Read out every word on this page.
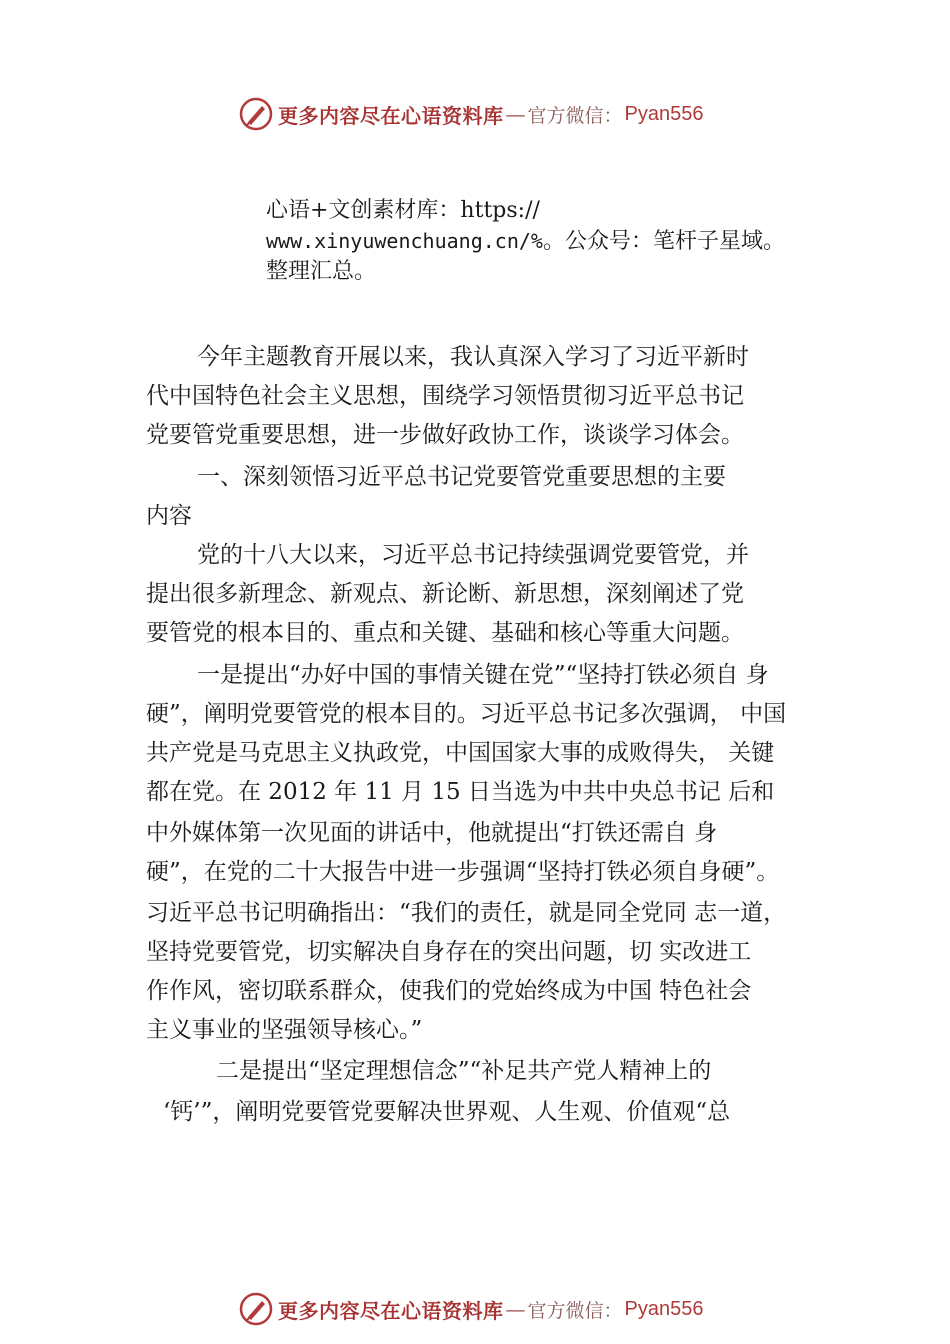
更多内容尽在心语资料库 — 官方微信： Pyan556
心语+文创素材库：https://
www.xinyuwenchuang.cn/%。公众号：笔杆子星域。
整理汇总。
今年主题教育开展以来，我认真深入学习了习近平新时
代中国特色社会主义思想，围绕学习领悟贯彻习近平总书记
党要管党重要思想，进一步做好政协工作，谈谈学习体会。
一、深刻领悟习近平总书记党要管党重要思想的主要
内容
党的十八大以来，习近平总书记持续强调党要管党，并
提出很多新理念、新观点、新论断、新思想，深刻阐述了党
要管党的根本目的、重点和关键、基础和核心等重大问题。
一是提出“办好中国的事情关键在党”“坚持打铁必须自 身
硬”，阐明党要管党的根本目的。习近平总书记多次强调， 中国
共产党是马克思主义执政党，中国国家大事的成败得失， 关键
都在党。在 2012 年 11 月 15 日当选为中共中央总书记 后和
中外媒体第一次见面的讲话中，他就提出“打铁还需自 身
硬”，在党的二十大报告中进一步强调“坚持打铁必须自身硬”。
习近平总书记明确指出：“我们的责任，就是同全党同 志一道，
坚持党要管党，切实解决自身存在的突出问题，切 实改进工
作作风，密切联系群众，使我们的党始终成为中国 特色社会
主义事业的坚强领导核心。”
二是提出“坚定理想信念”“补足共产党人精神上的
‘钙’”，阐明党要管党要解决世界观、人生观、价值观“总
更多内容尽在心语资料库 — 官方微信： Pyan556
